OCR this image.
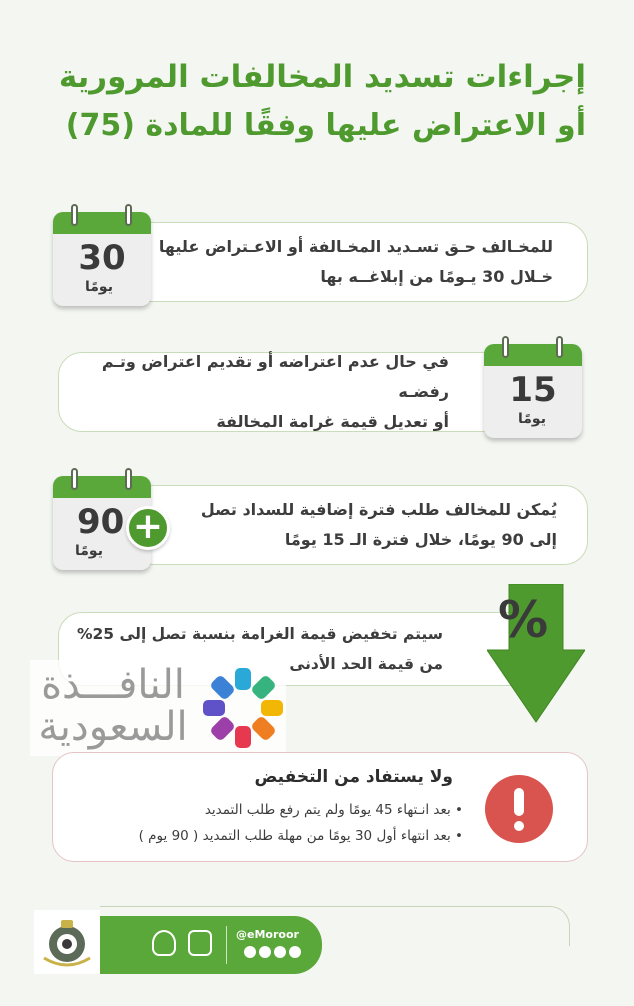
إجراءات تسديد المخالفات المرورية
أو الاعتراض عليها وفقًا للمادة (75)
للمخـالف حـق تسـديد المخـالفة أو الاعـتراض عليها
خـلال 30 يـومًا من إبلاغــه بها
30
يومًا
في حال عدم اعتراضه أو تقديم اعتراض وتـم رفضـه
أو تعديل قيمة غرامة المخالفة
15
يومًا
يُمكن للمخالف طلب فترة إضافية للسداد تصل
إلى 90 يومًا، خلال فترة الـ 15 يومًا
90
يومًا
+
سيتم تخفيض قيمة الغرامة بنسبة تصل إلى 25%
من قيمة الحد الأدنى
%
النافـــذة
السعودية
ولا يستفاد من التخفيض
• بعد انـتهاء 45 يومًا ولم يتم رفع طلب التمديد
• بعد انتهاء أول 30 يومًا من مهلة طلب التمديد ( 90 يوم )
@eMoroor
